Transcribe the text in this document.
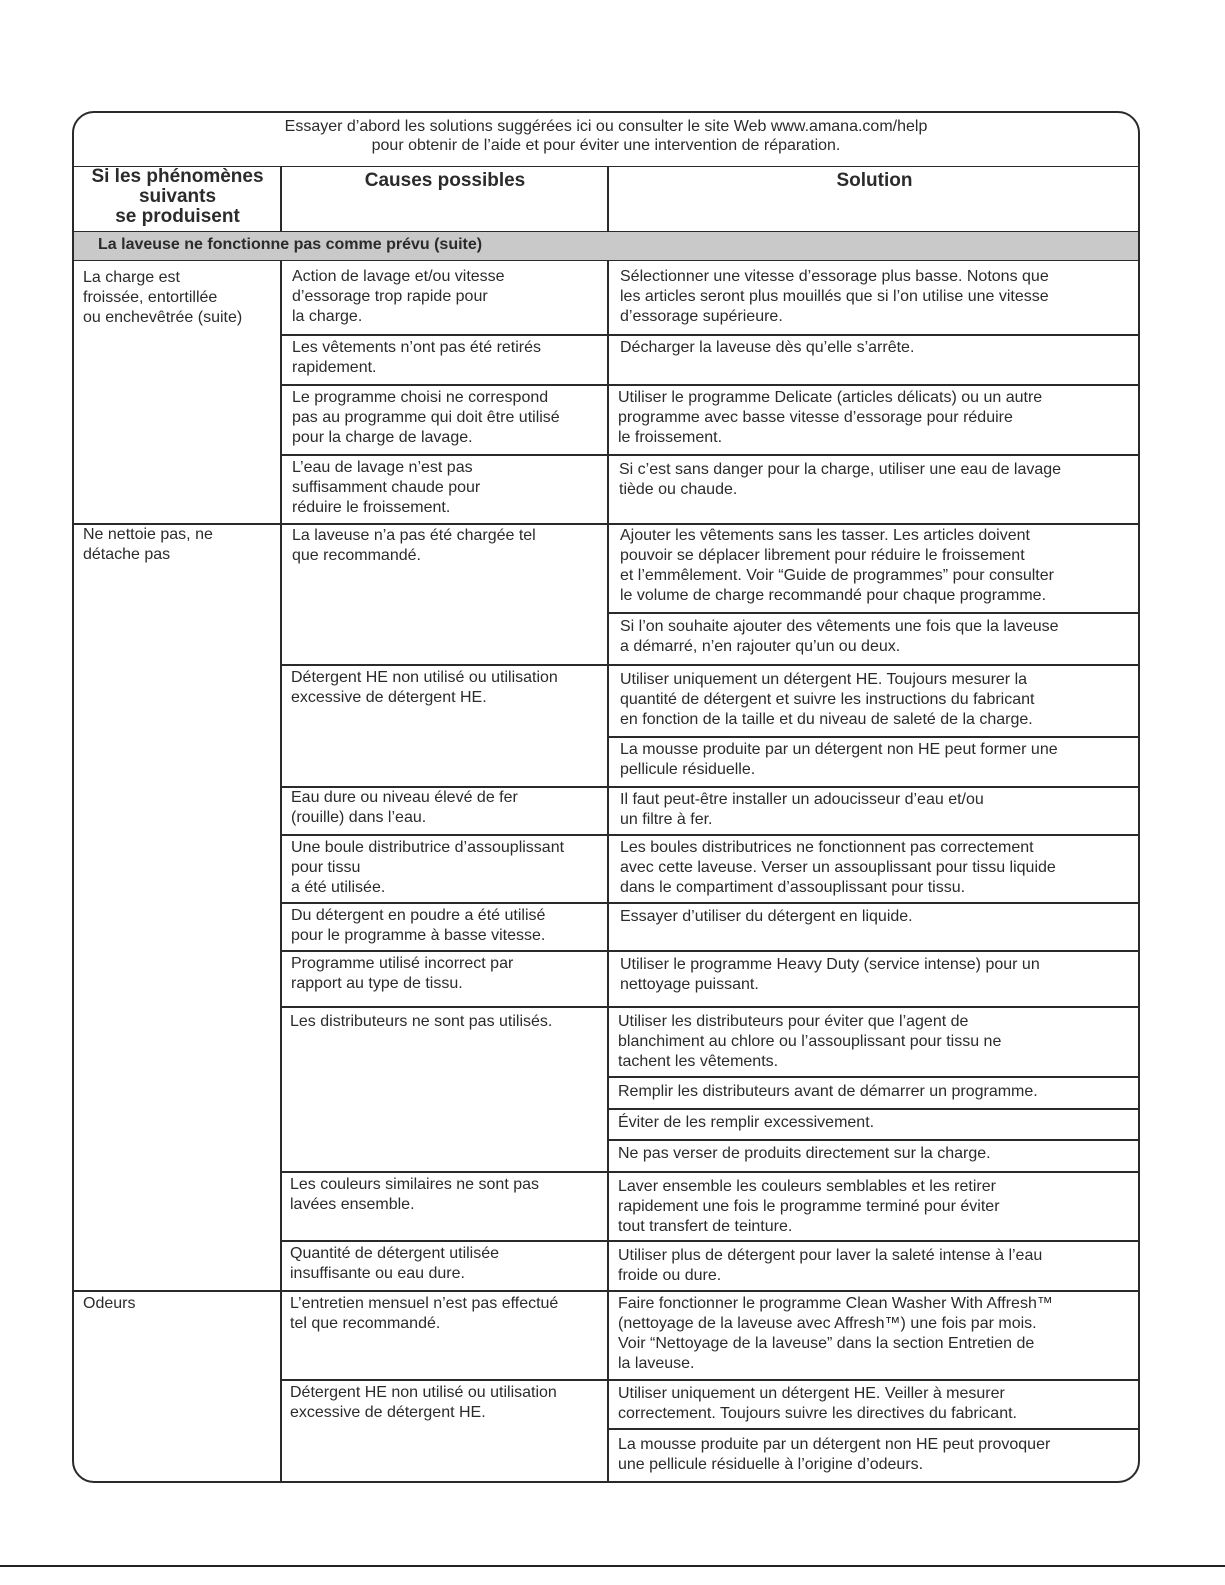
Essayer d’abord les solutions suggérées ici ou consulter le site Web www.amana.com/help
pour obtenir de l’aide et pour éviter une intervention de réparation.
Si les phénomènes
suivants
se produisent
Causes possibles	Solution
La laveuse ne fonctionne pas comme prévu (suite)
La charge est
froissée, entortillée
ou enchevêtrée (suite)
Ne nettoie pas, ne
détache pas
Odeurs
Action de lavage et/ou vitesse
d’essorage trop rapide pour
la charge.
Les vêtements n’ont pas été retirés
rapidement.
Le programme choisi ne correspond
pas au programme qui doit être utilisé
pour la charge de lavage.
L’eau de lavage n’est pas
suffisamment chaude pour
réduire le froissement.
La laveuse n’a pas été chargée tel
que recommandé.
Détergent HE non utilisé ou utilisation
excessive de détergent HE.
Eau dure ou niveau élevé de fer
(rouille) dans l’eau.
Une boule distributrice d’assouplissant
pour tissu
a été utilisée.
Du détergent en poudre a été utilisé
pour le programme à basse vitesse.
Programme utilisé incorrect par
rapport au type de tissu.
Les distributeurs ne sont pas utilisés.
Les couleurs similaires ne sont pas
lavées ensemble.
Quantité de détergent utilisée
insuffisante ou eau dure.
L’entretien mensuel n’est pas effectué
tel que recommandé.
Détergent HE non utilisé ou utilisation
excessive de détergent HE.
Sélectionner une vitesse d’essorage plus basse. Notons que
les articles seront plus mouillés que si l’on utilise une vitesse
d’essorage supérieure.
Décharger la laveuse dès qu’elle s’arrête.
Utiliser le programme Delicate (articles délicats) ou un autre
programme avec basse vitesse d’essorage pour réduire
le froissement.
Si c’est sans danger pour la charge, utiliser une eau de lavage
tiède ou chaude.
Ajouter les vêtements sans les tasser. Les articles doivent
pouvoir se déplacer librement pour réduire le froissement
et l’emmêlement. Voir “Guide de programmes” pour consulter
le volume de charge recommandé pour chaque programme.
Si l’on souhaite ajouter des vêtements une fois que la laveuse
a démarré, n’en rajouter qu’un ou deux.
Utiliser uniquement un détergent HE. Toujours mesurer la
quantité de détergent et suivre les instructions du fabricant
en fonction de la taille et du niveau de saleté de la charge.
La mousse produite par un détergent non HE peut former une
pellicule résiduelle.
Il faut peut-être installer un adoucisseur d’eau et/ou
un filtre à fer.
Les boules distributrices ne fonctionnent pas correctement
avec cette laveuse. Verser un assouplissant pour tissu liquide
dans le compartiment d’assouplissant pour tissu.
Essayer d’utiliser du détergent en liquide.
Utiliser le programme Heavy Duty (service intense) pour un
nettoyage puissant.
Utiliser les distributeurs pour éviter que l’agent de
blanchiment au chlore ou l’assouplissant pour tissu ne
tachent les vêtements.
Remplir les distributeurs avant de démarrer un programme.
Éviter de les remplir excessivement.
Ne pas verser de produits directement sur la charge.
Laver ensemble les couleurs semblables et les retirer
rapidement une fois le programme terminé pour éviter
tout transfert de teinture.
Utiliser plus de détergent pour laver la saleté intense à l’eau
froide ou dure.
Faire fonctionner le programme Clean Washer With Affresh™
(nettoyage de la laveuse avec Affresh™) une fois par mois.
Voir “Nettoyage de la laveuse” dans la section Entretien de
la laveuse.
Utiliser uniquement un détergent HE. Veiller à mesurer
correctement. Toujours suivre les directives du fabricant.
La mousse produite par un détergent non HE peut provoquer
une pellicule résiduelle à l’origine d’odeurs.
